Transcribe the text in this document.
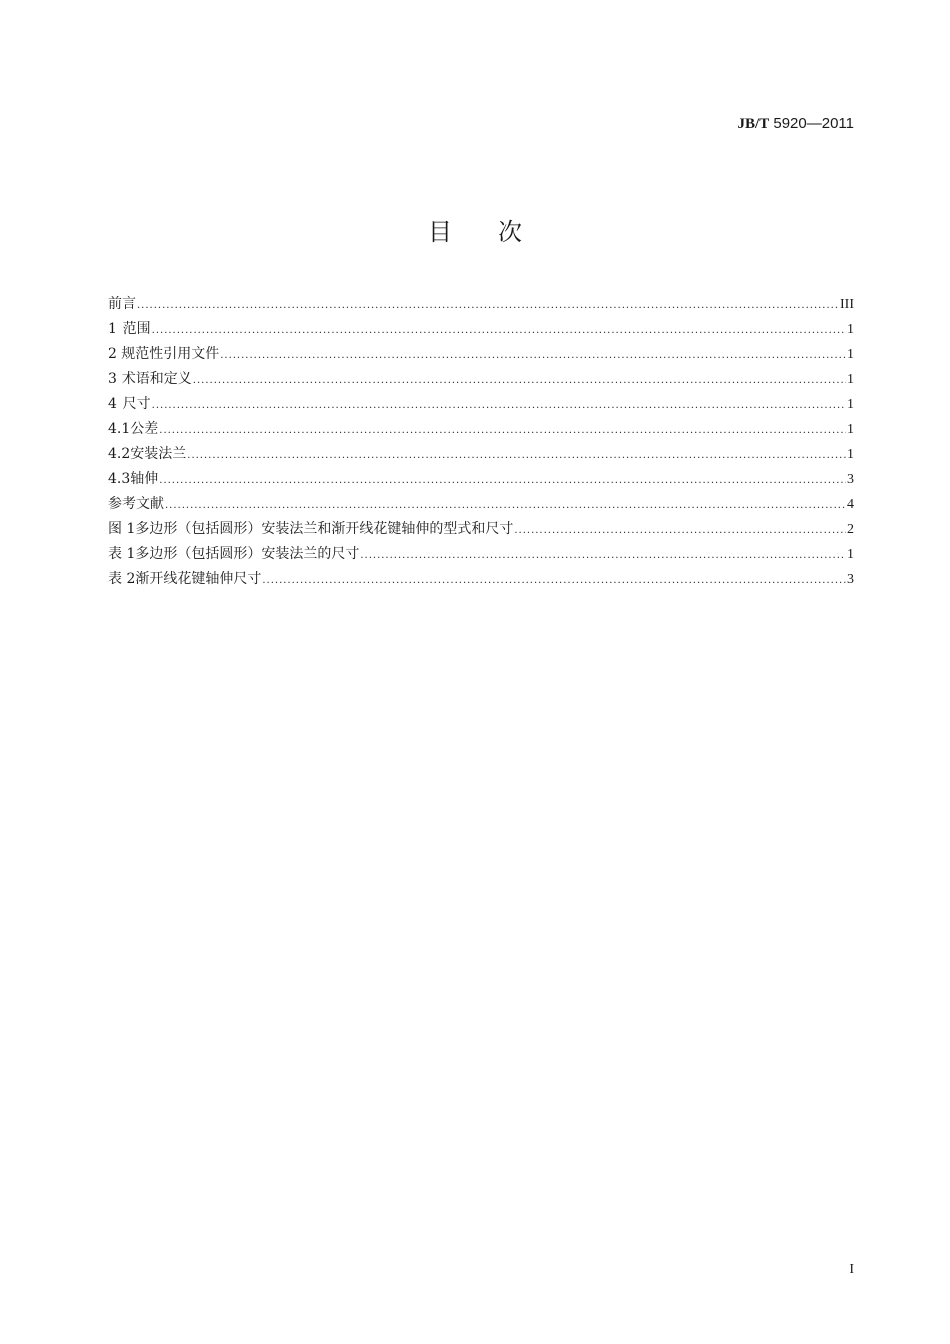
JB/T 5920—2011
目次
前言 .....	III
1 范围 .....	1
2 规范性引用文件 .....	1
3 术语和定义 .....	1
4 尺寸 .....	1
4.1 公差 .....	1
4.2 安装法兰 .....	1
4.3 轴伸 .....	3
参考文献 .....	4
图 1 多边形（包括圆形）安装法兰和渐开线花键轴伸的型式和尺寸 .....	2
表 1 多边形（包括圆形）安装法兰的尺寸 .....	1
表 2 渐开线花键轴伸尺寸 .....	3
I
